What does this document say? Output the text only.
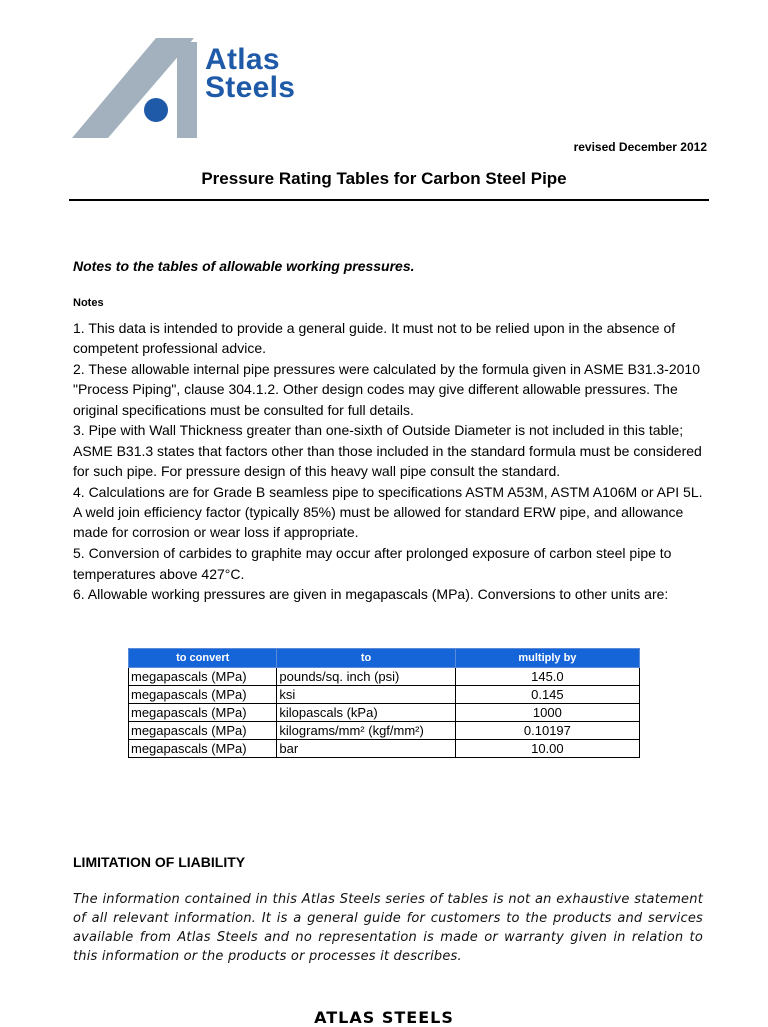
Atlas
Steels
revised December 2012
Pressure Rating Tables for Carbon Steel Pipe
Notes to the tables of allowable working pressures.
Notes

1. This data is intended to provide a general guide. It must not to be relied upon in the absence of competent professional advice.

2. These allowable internal pipe pressures were calculated by the formula given in ASME B31.3-2010 "Process Piping", clause 304.1.2. Other design codes may give different allowable pressures. The original specifications must be consulted for full details.

3. Pipe with Wall Thickness greater than one-sixth of Outside Diameter is not included in this table; ASME B31.3 states that factors other than those included in the standard formula must be considered for such pipe. For pressure design of this heavy wall pipe consult the standard.

4. Calculations are for Grade B seamless pipe to specifications ASTM A53M, ASTM A106M or API 5L. A weld join efficiency factor (typically 85%) must be allowed for standard ERW pipe, and allowance made for corrosion or wear loss if appropriate.

5. Conversion of carbides to graphite may occur after prolonged exposure of carbon steel pipe to temperatures above 427°C.

6. Allowable working pressures are given in megapascals (MPa). Conversions to other units are:

to convert	to	multiply by
megapascals (MPa)	pounds/sq. inch (psi)	145.0
megapascals (MPa)	ksi	0.145
megapascals (MPa)	kilopascals (kPa)	1000
megapascals (MPa)	kilograms/mm² (kgf/mm²)	0.10197
megapascals (MPa)	bar	10.00
LIMITATION OF LIABILITY
The information contained in this Atlas Steels series of tables is not an exhaustive statement of all relevant information. It is a general guide for customers to the products and services available from Atlas Steels and no representation is made or warranty given in relation to this information or the products or processes it describes.
ATLAS STEELS
